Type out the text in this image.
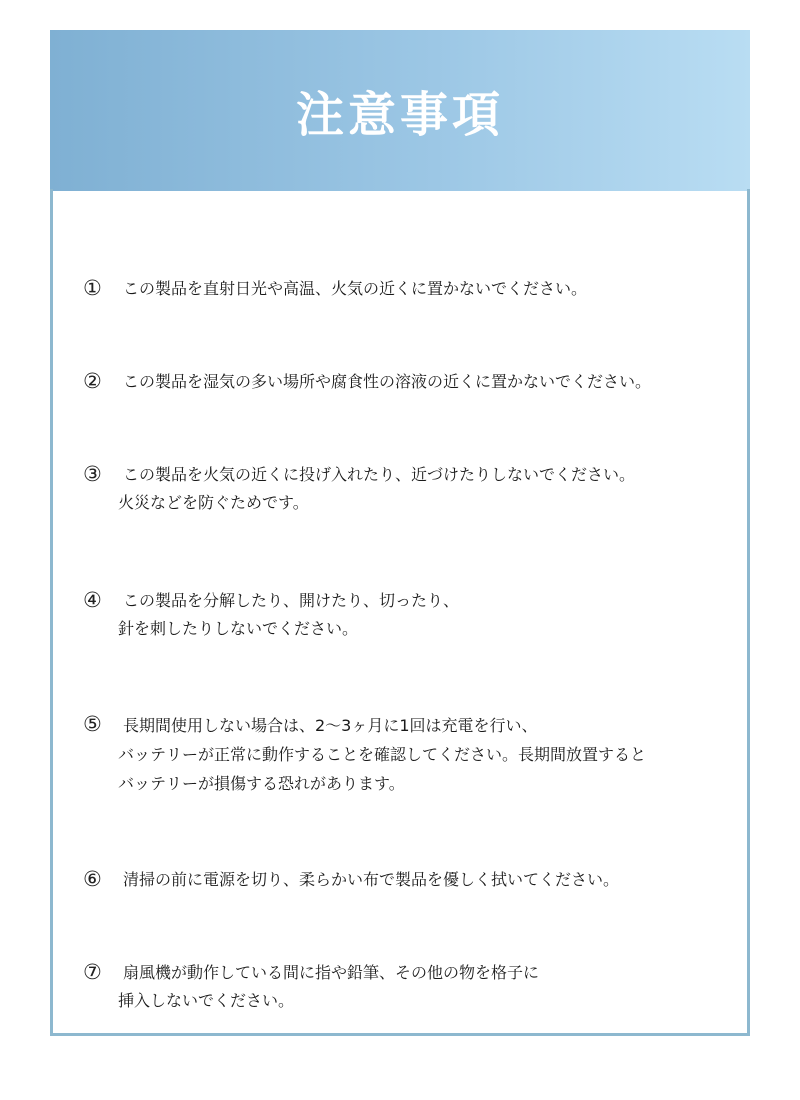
注意事項
①	この製品を直射日光や高温、火気の近くに置かないでください。
②	この製品を湿気の多い場所や腐食性の溶液の近くに置かないでください。
③	この製品を火気の近くに投げ入れたり、近づけたりしないでください。
火災などを防ぐためです。
④	この製品を分解したり、開けたり、切ったり、
針を刺したりしないでください。
⑤	長期間使用しない場合は、2〜3ヶ月に1回は充電を行い、
バッテリーが正常に動作することを確認してください。長期間放置すると
バッテリーが損傷する恐れがあります。
⑥	清掃の前に電源を切り、柔らかい布で製品を優しく拭いてください。
⑦	扇風機が動作している間に指や鉛筆、その他の物を格子に
挿入しないでください。
